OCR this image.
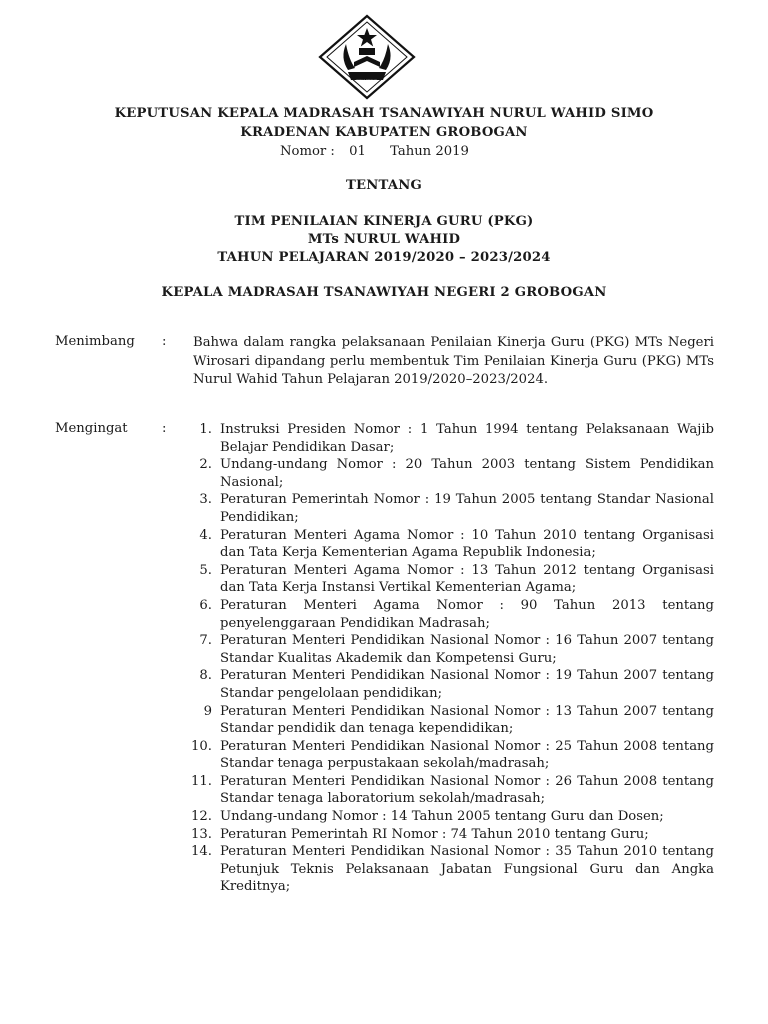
IKHLAS BERAMAL
KEPUTUSAN KEPALA MADRASAH TSANAWIYAH NURUL WAHID SIMO
KRADENAN KABUPATEN GROBOGAN
Nomor : 01 Tahun 2019
TENTANG
TIM PENILAIAN KINERJA GURU (PKG)
MTs NURUL WAHID
TAHUN PELAJARAN 2019/2020 – 2023/2024
KEPALA MADRASAH TSANAWIYAH NEGERI 2 GROBOGAN
Menimbang : Bahwa dalam rangka pelaksanaan Penilaian Kinerja Guru (PKG) MTs Negeri Wirosari dipandang perlu membentuk Tim Penilaian Kinerja Guru (PKG) MTs Nurul Wahid Tahun Pelajaran 2019/2020–2023/2024.
Mengingat	:	1. Instruksi Presiden Nomor : 1 Tahun 1994 tentang Pelaksanaan Wajib Belajar Pendidikan Dasar;
2. Undang-undang Nomor : 20 Tahun 2003 tentang Sistem Pendidikan Nasional;
3. Peraturan Pemerintah Nomor : 19 Tahun 2005 tentang Standar Nasional Pendidikan;
4. Peraturan Menteri Agama Nomor : 10 Tahun 2010 tentang Organisasi dan Tata Kerja Kementerian Agama Republik Indonesia;
5. Peraturan Menteri Agama Nomor : 13 Tahun 2012 tentang Organisasi dan Tata Kerja Instansi Vertikal Kementerian Agama;
6. Peraturan Menteri Agama Nomor : 90 Tahun 2013 tentang penyelenggaraan Pendidikan Madrasah;
7. Peraturan Menteri Pendidikan Nasional Nomor : 16 Tahun 2007 tentang Standar Kualitas Akademik dan Kompetensi Guru;
8. Peraturan Menteri Pendidikan Nasional Nomor : 19 Tahun 2007 tentang Standar pengelolaan pendidikan;
9 Peraturan Menteri Pendidikan Nasional Nomor : 13 Tahun 2007 tentang Standar pendidik dan tenaga kependidikan;
10. Peraturan Menteri Pendidikan Nasional Nomor : 25 Tahun 2008 tentang Standar tenaga perpustakaan sekolah/madrasah;
11. Peraturan Menteri Pendidikan Nasional Nomor : 26 Tahun 2008 tentang Standar tenaga laboratorium sekolah/madrasah;
12. Undang-undang Nomor : 14 Tahun 2005 tentang Guru dan Dosen;
13. Peraturan Pemerintah RI Nomor : 74 Tahun 2010 tentang Guru;
14. Peraturan Menteri Pendidikan Nasional Nomor : 35 Tahun 2010 tentang Petunjuk Teknis Pelaksanaan Jabatan Fungsional Guru dan Angka Kreditnya;
